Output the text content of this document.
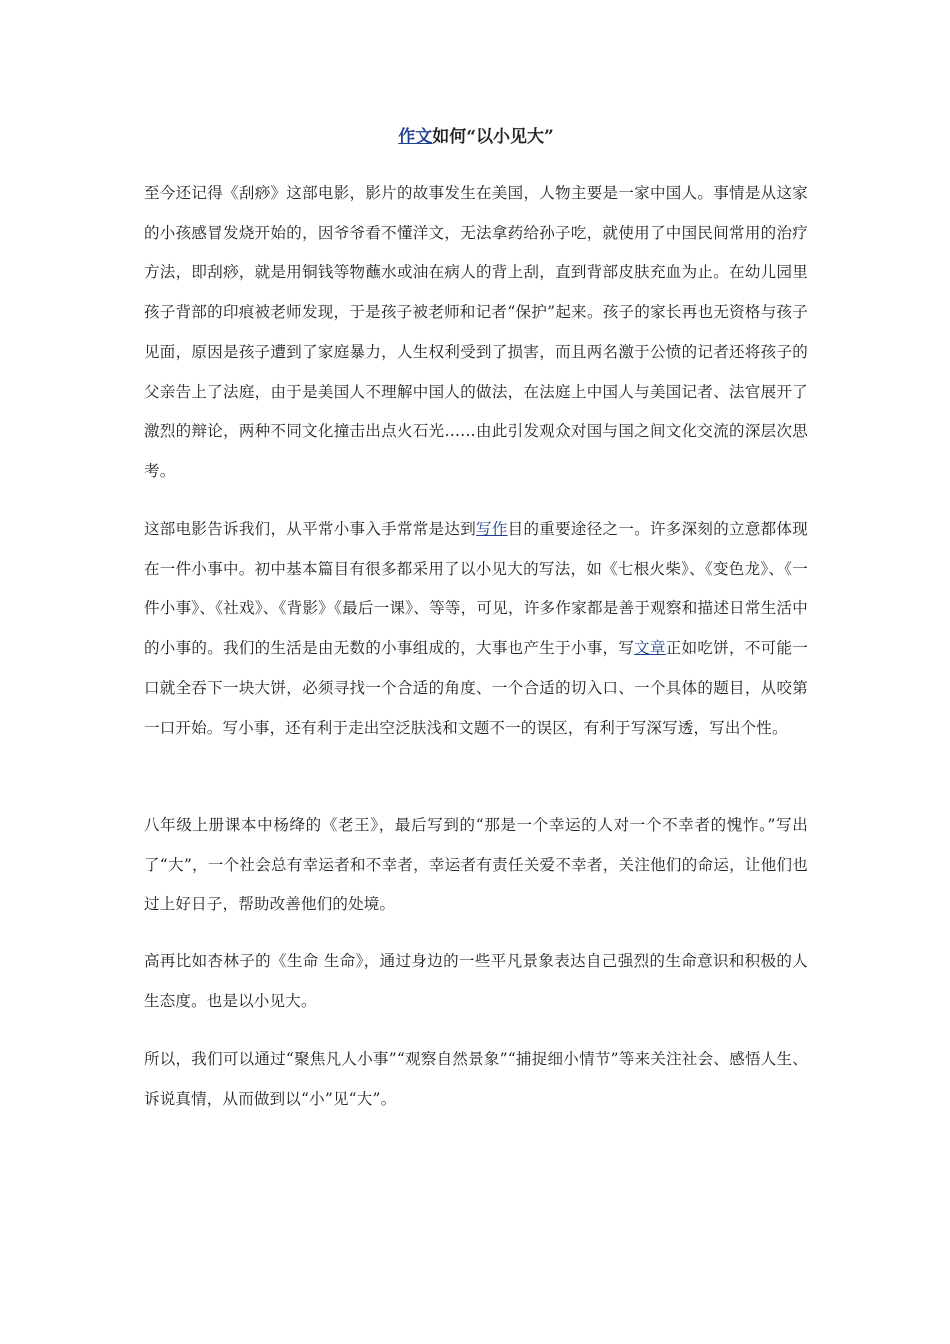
作文如何“以小见大”

至今还记得《刮痧》这部电影，影片的故事发生在美国，人物主要是一家中国人。事情是从这家的小孩感冒发烧开始的，因爷爷看不懂洋文，无法拿药给孙子吃，就使用了中国民间常用的治疗方法，即刮痧，就是用铜钱等物蘸水或油在病人的背上刮，直到背部皮肤充血为止。在幼儿园里孩子背部的印痕被老师发现，于是孩子被老师和记者“保护”起来。孩子的家长再也无资格与孩子见面，原因是孩子遭到了家庭暴力，人生权利受到了损害，而且两名激于公愤的记者还将孩子的父亲告上了法庭，由于是美国人不理解中国人的做法，在法庭上中国人与美国记者、法官展开了激烈的辩论，两种不同文化撞击出点火石光……由此引发观众对国与国之间文化交流的深层次思考。

这部电影告诉我们，从平常小事入手常常是达到写作目的重要途径之一。许多深刻的立意都体现在一件小事中。初中基本篇目有很多都采用了以小见大的写法，如《七根火柴》、《变色龙》、《一件小事》、《社戏》、《背影》《最后一课》、等等，可见，许多作家都是善于观察和描述日常生活中的小事的。我们的生活是由无数的小事组成的，大事也产生于小事，写文章正如吃饼，不可能一口就全吞下一块大饼，必须寻找一个合适的角度、一个合适的切入口、一个具体的题目，从咬第一口开始。写小事，还有利于走出空泛肤浅和文题不一的误区，有利于写深写透，写出个性。

八年级上册课本中杨绛的《老王》，最后写到的“那是一个幸运的人对一个不幸者的愧怍。”写出了“大”，一个社会总有幸运者和不幸者，幸运者有责任关爱不幸者，关注他们的命运，让他们也过上好日子，帮助改善他们的处境。

高再比如杏林子的《生命 生命》，通过身边的一些平凡景象表达自己强烈的生命意识和积极的人生态度。也是以小见大。

所以，我们可以通过“聚焦凡人小事”“观察自然景象”“捕捉细小情节”等来关注社会、感悟人生、诉说真情，从而做到以“小”见“大”。
